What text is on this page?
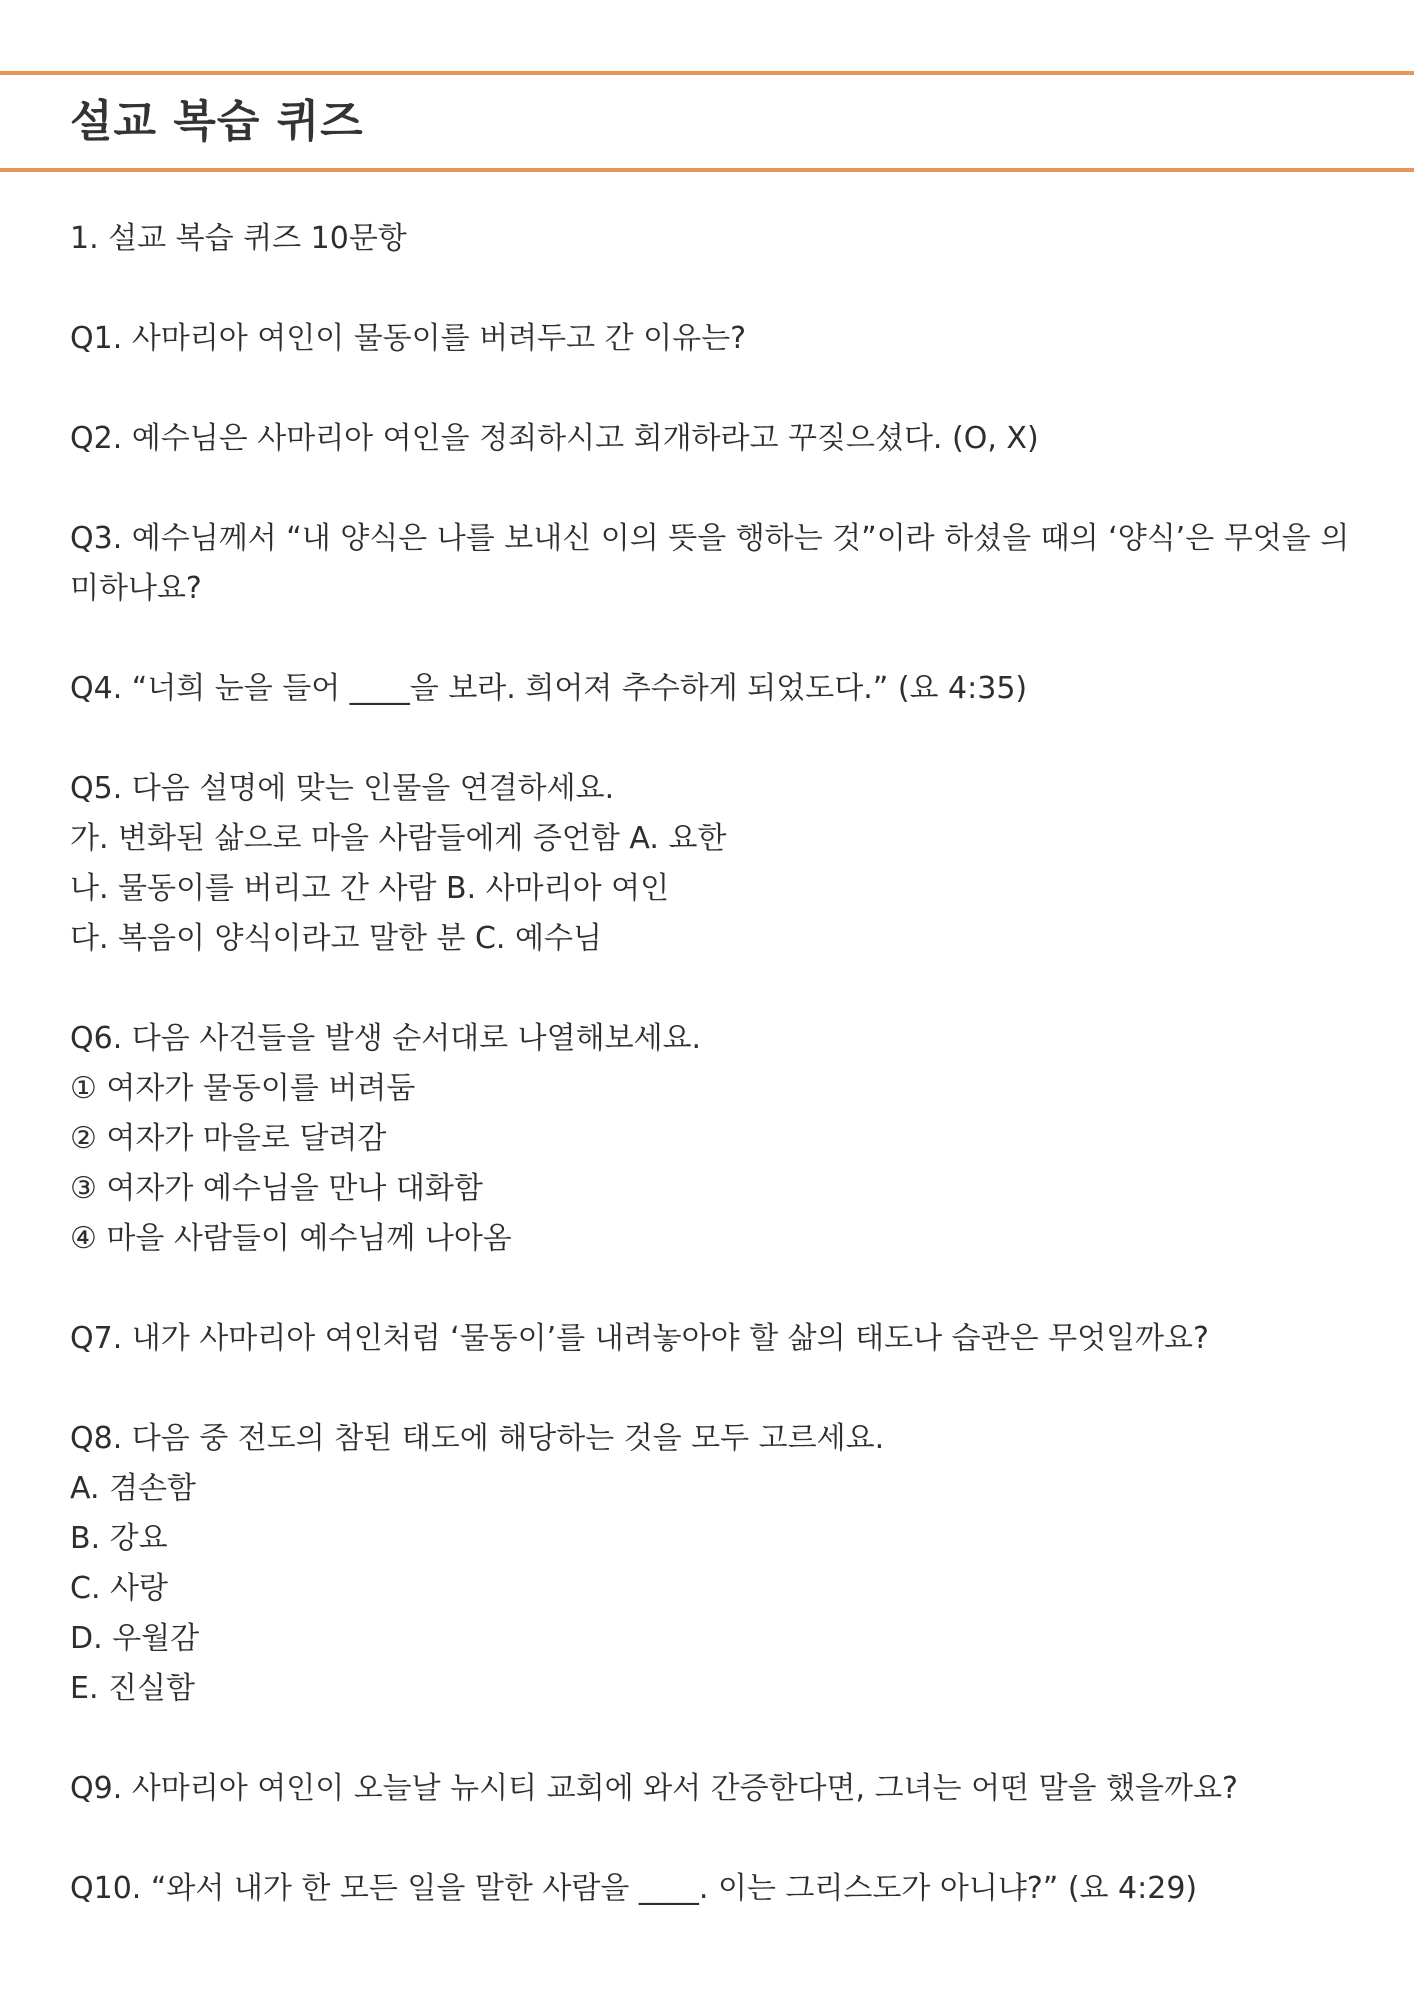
설교 복습 퀴즈
1. 설교 복습 퀴즈 10문항
Q1. 사마리아 여인이 물동이를 버려두고 간 이유는?
Q2. 예수님은 사마리아 여인을 정죄하시고 회개하라고 꾸짖으셨다. (O, X)
Q3. 예수님께서 “내 양식은 나를 보내신 이의 뜻을 행하는 것”이라 하셨을 때의 ‘양식’은 무엇을 의미하나요?
Q4. “너희 눈을 들어 ____을 보라. 희어져 추수하게 되었도다.” (요 4:35)
Q5. 다음 설명에 맞는 인물을 연결하세요.
가. 변화된 삶으로 마을 사람들에게 증언함 A. 요한
나. 물동이를 버리고 간 사람 B. 사마리아 여인
다. 복음이 양식이라고 말한 분 C. 예수님
Q6. 다음 사건들을 발생 순서대로 나열해보세요.
① 여자가 물동이를 버려둠
② 여자가 마을로 달려감
③ 여자가 예수님을 만나 대화함
④ 마을 사람들이 예수님께 나아옴
Q7. 내가 사마리아 여인처럼 ‘물동이’를 내려놓아야 할 삶의 태도나 습관은 무엇일까요?
Q8. 다음 중 전도의 참된 태도에 해당하는 것을 모두 고르세요.
A. 겸손함
B. 강요
C. 사랑
D. 우월감
E. 진실함
Q9. 사마리아 여인이 오늘날 뉴시티 교회에 와서 간증한다면, 그녀는 어떤 말을 했을까요?
Q10. “와서 내가 한 모든 일을 말한 사람을 ____. 이는 그리스도가 아니냐?” (요 4:29)
